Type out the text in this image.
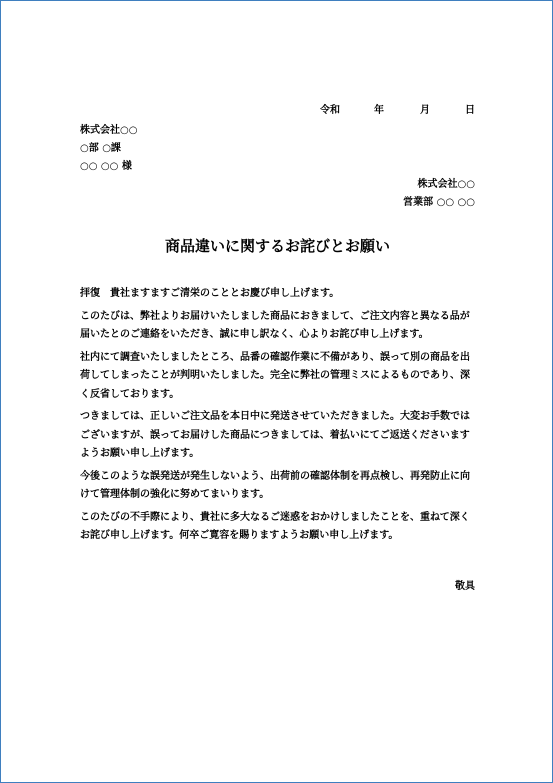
令和	年	月	日
株式会社○○
○部 ○課
○○ ○○ 様
株式会社○○
営業部 ○○ ○○
商品違いに関するお詫びとお願い

拝復　貴社ますますご清栄のこととお慶び申し上げます。

このたびは、弊社よりお届けいたしました商品におきまして、ご注文内容と異なる品が届いたとのご連絡をいただき、誠に申し訳なく、心よりお詫び申し上げます。

社内にて調査いたしましたところ、品番の確認作業に不備があり、誤って別の商品を出荷してしまったことが判明いたしました。完全に弊社の管理ミスによるものであり、深く反省しております。

つきましては、正しいご注文品を本日中に発送させていただきました。大変お手数ではございますが、誤ってお届けした商品につきましては、着払いにてご返送くださいますようお願い申し上げます。

今後このような誤発送が発生しないよう、出荷前の確認体制を再点検し、再発防止に向けて管理体制の強化に努めてまいります。

このたびの不手際により、貴社に多大なるご迷惑をおかけしましたことを、重ねて深くお詫び申し上げます。何卒ご寛容を賜りますようお願い申し上げます。

敬具
